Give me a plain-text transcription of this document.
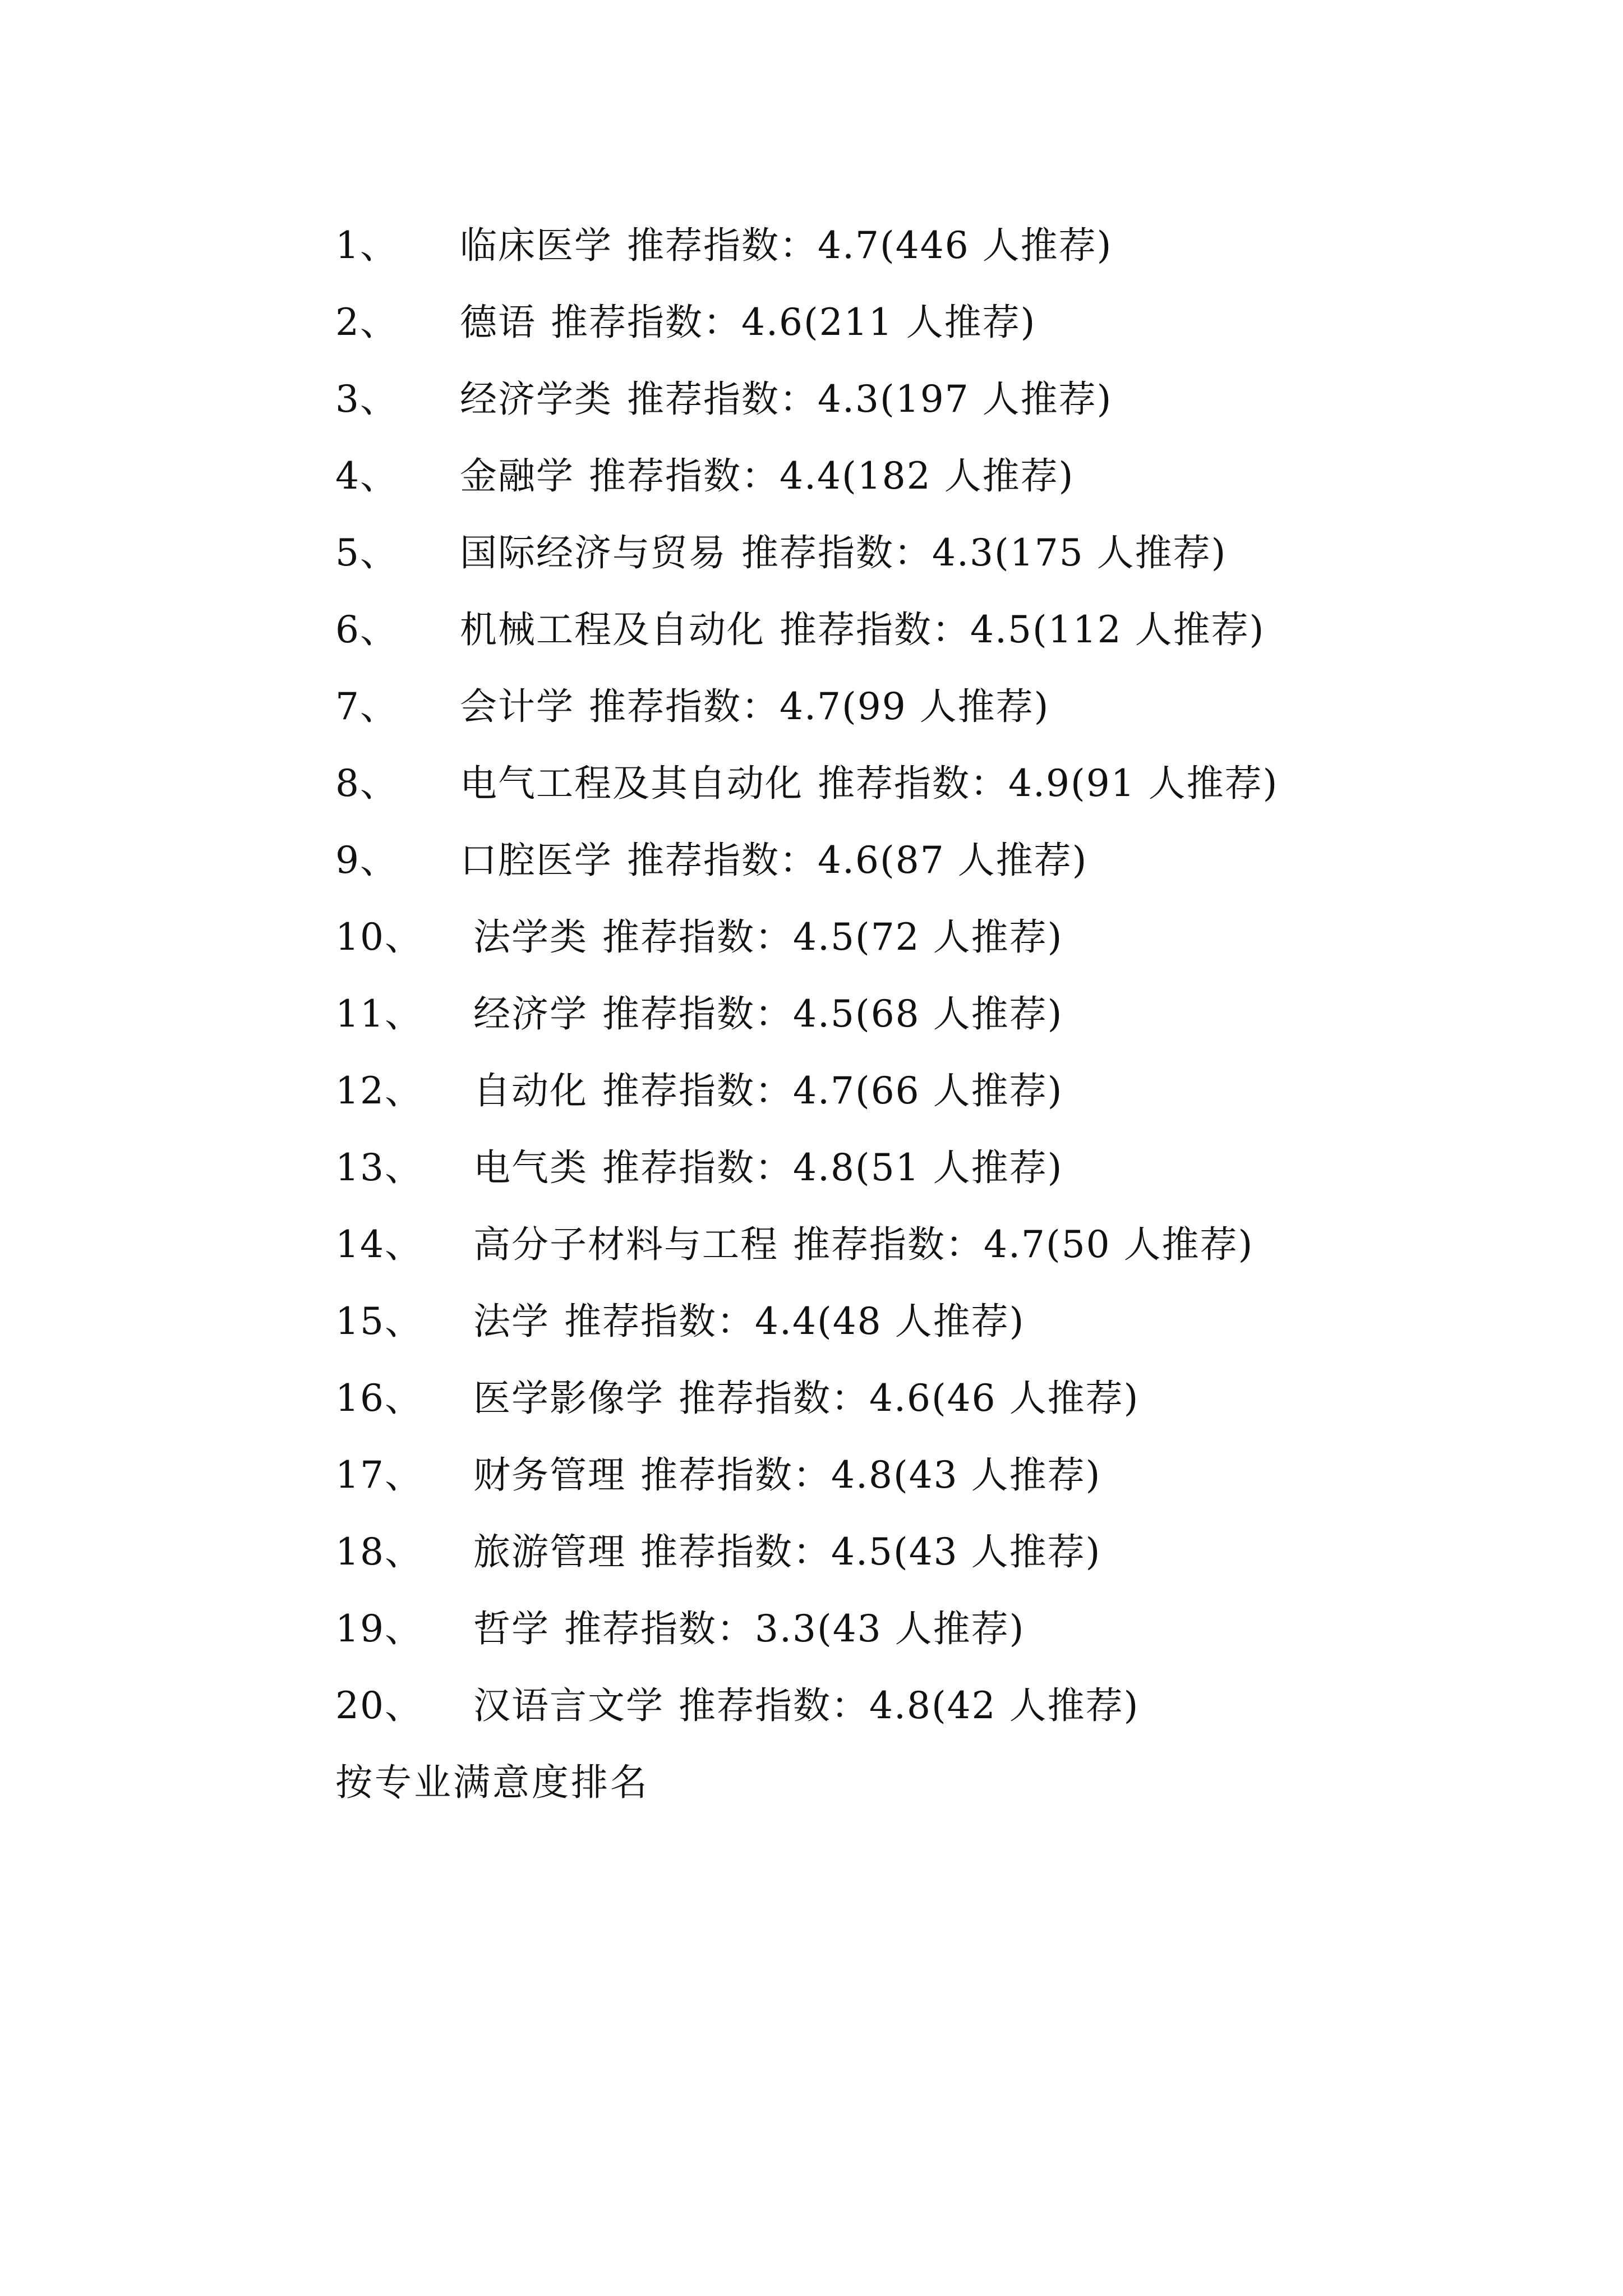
1、 临床医学 推荐指数：4.7(446 人推荐)
2、 德语 推荐指数：4.6(211 人推荐)
3、 经济学类 推荐指数：4.3(197 人推荐)
4、 金融学 推荐指数：4.4(182 人推荐)
5、 国际经济与贸易 推荐指数：4.3(175 人推荐)
6、 机械工程及自动化 推荐指数：4.5(112 人推荐)
7、 会计学 推荐指数：4.7(99 人推荐)
8、 电气工程及其自动化 推荐指数：4.9(91 人推荐)
9、 口腔医学 推荐指数：4.6(87 人推荐)
10、 法学类 推荐指数：4.5(72 人推荐)
11、 经济学 推荐指数：4.5(68 人推荐)
12、 自动化 推荐指数：4.7(66 人推荐)
13、 电气类 推荐指数：4.8(51 人推荐)
14、 高分子材料与工程 推荐指数：4.7(50 人推荐)
15、 法学 推荐指数：4.4(48 人推荐)
16、 医学影像学 推荐指数：4.6(46 人推荐)
17、 财务管理 推荐指数：4.8(43 人推荐)
18、 旅游管理 推荐指数：4.5(43 人推荐)
19、 哲学 推荐指数：3.3(43 人推荐)
20、 汉语言文学 推荐指数：4.8(42 人推荐)
按专业满意度排名
